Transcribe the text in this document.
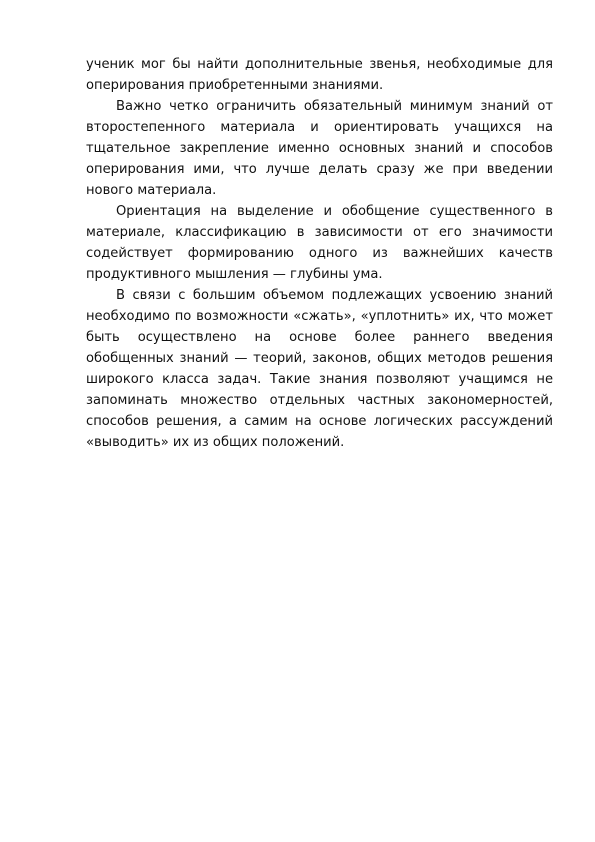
ученик мог бы найти дополнительные звенья, необходимые для оперирования приобретенными знаниями.

Важно четко ограничить обязательный минимум знаний от второстепенного материала и ориентировать учащихся на тщательное закрепление именно основных знаний и способов оперирования ими, что лучше делать сразу же при введении нового материала.

Ориентация на выделение и обобщение существенного в материале, классификацию в зависимости от его значимости содействует формированию одного из важнейших качеств продуктивного мышления — глубины ума.

В связи с большим объемом подлежащих усвоению знаний необходимо по возможности «сжать», «уплотнить» их, что может быть осуществлено на основе более раннего введения обобщенных знаний — теорий, законов, общих методов решения широкого класса задач. Такие знания позволяют учащимся не запоминать множество отдельных частных закономерностей, способов решения, а самим на основе логических рассуждений «выводить» их из общих положений.
